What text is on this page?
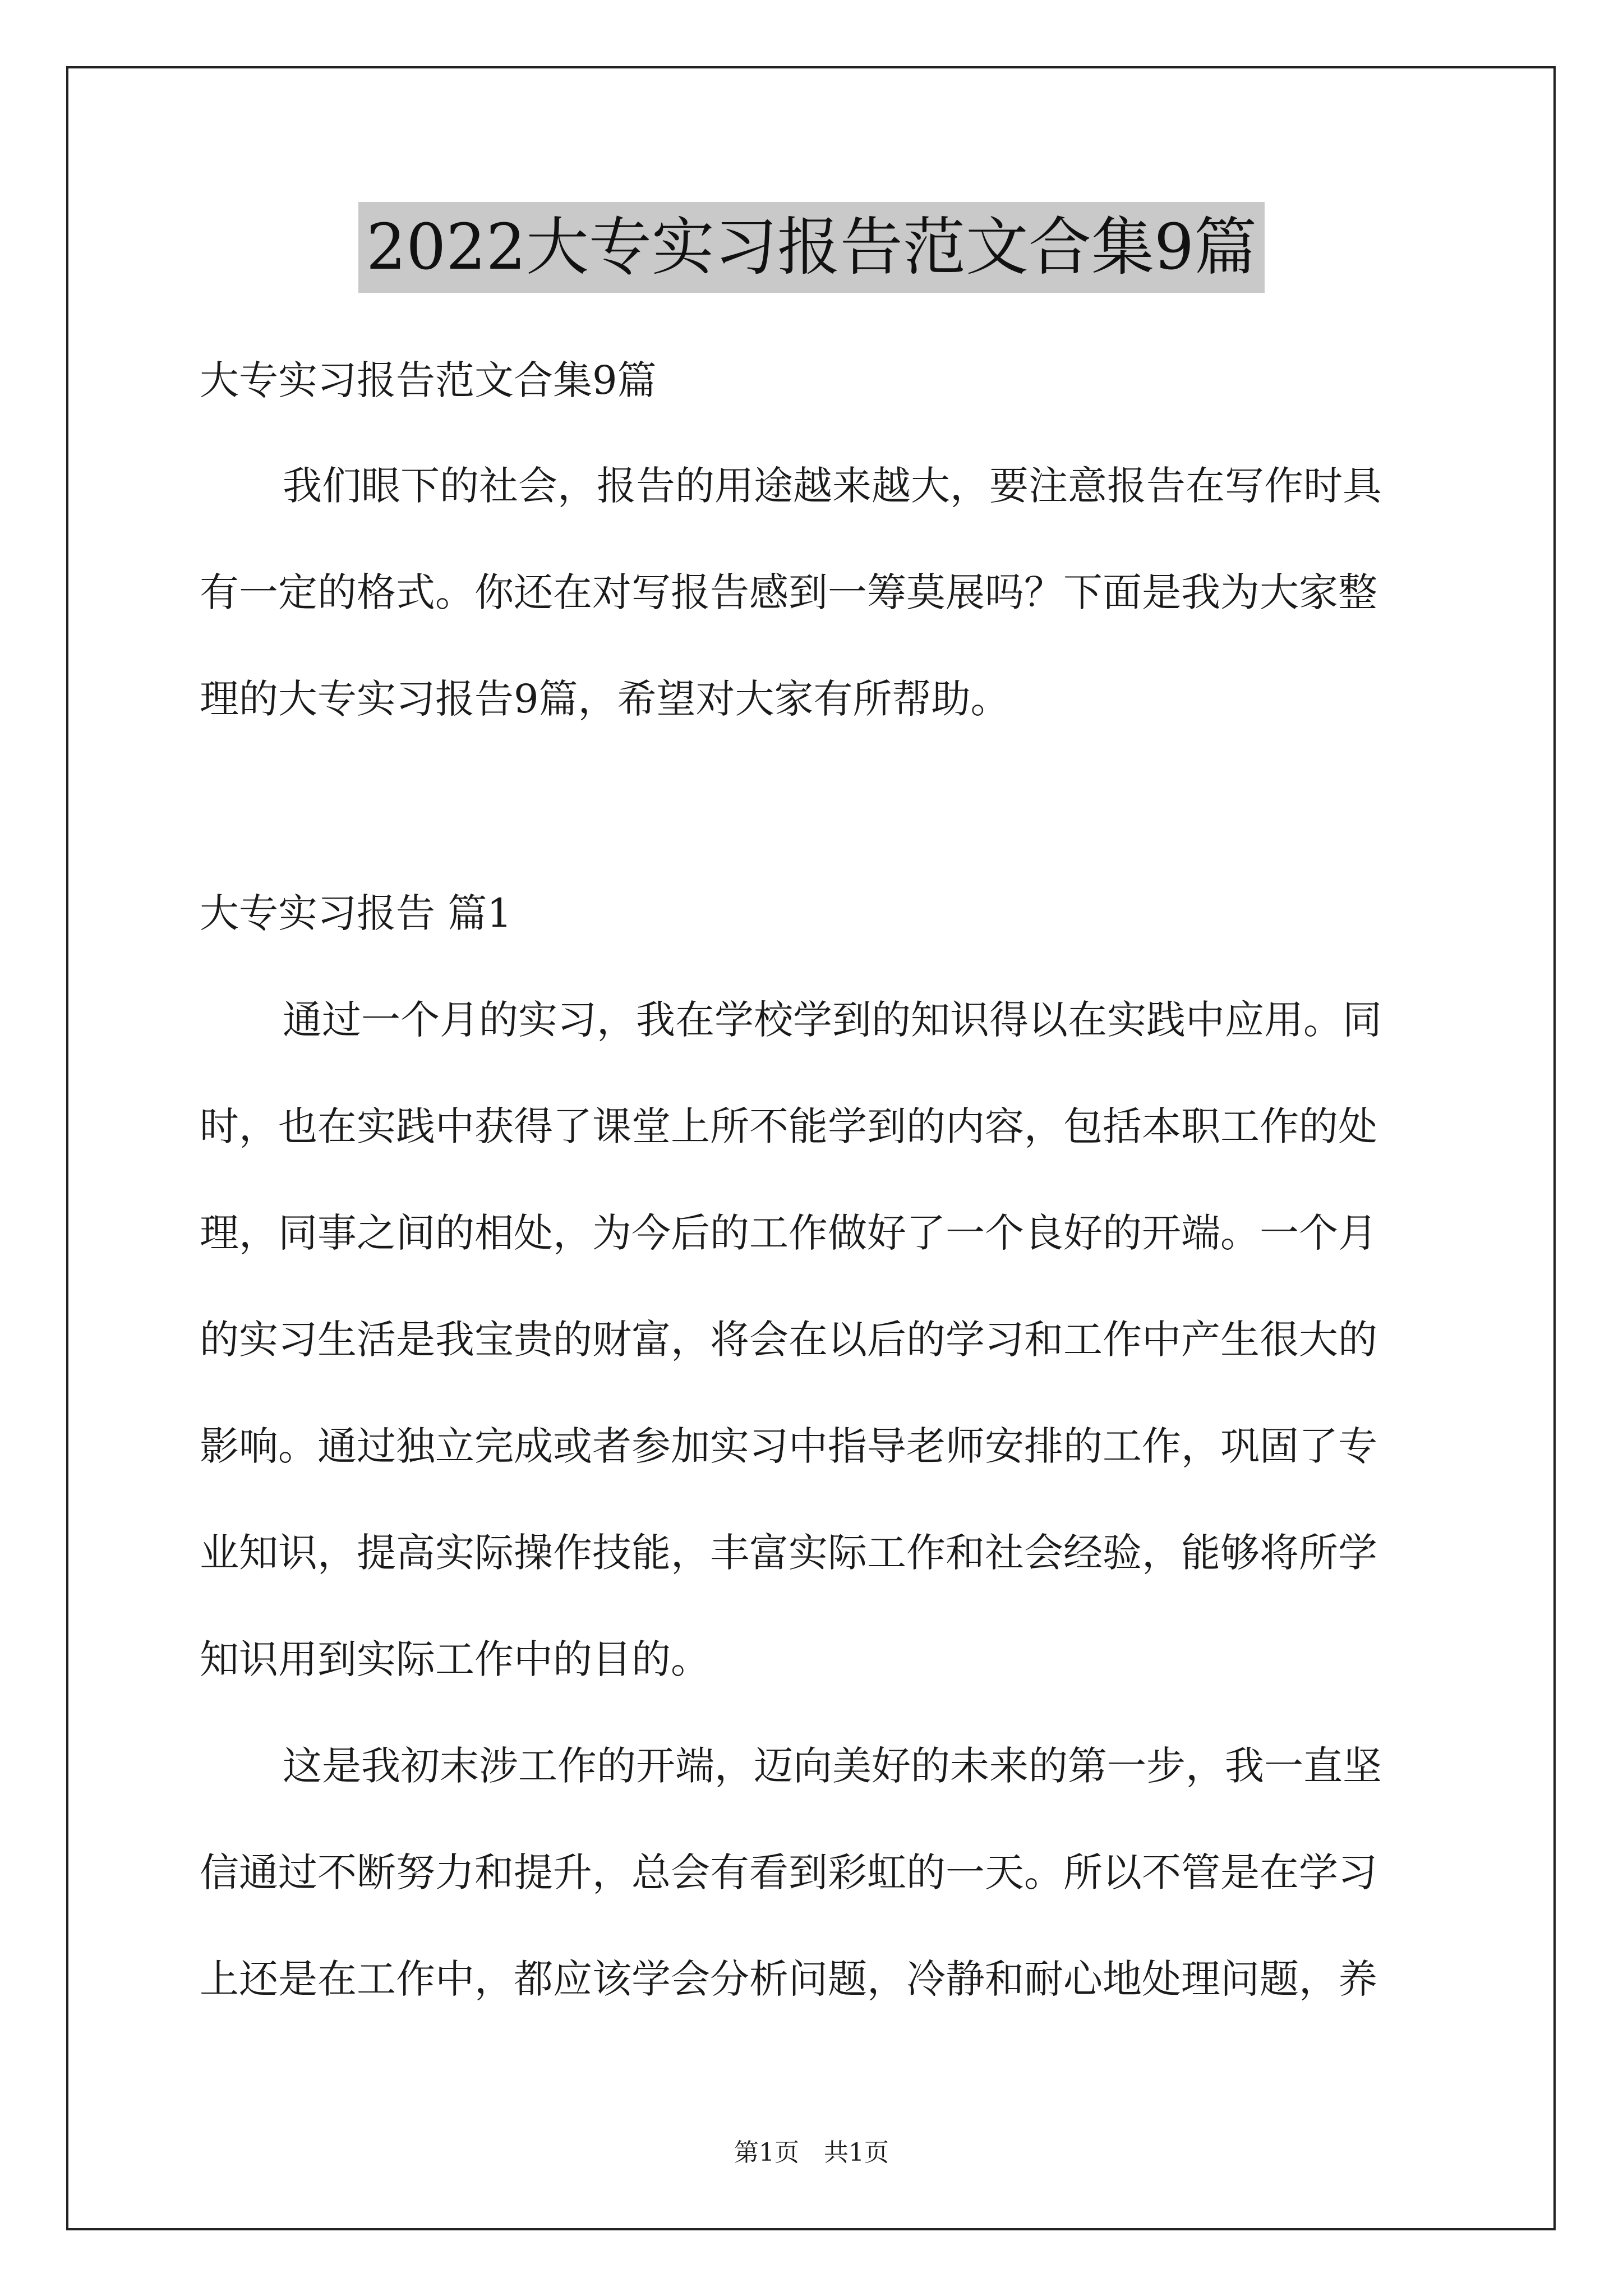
2022大专实习报告范文合集9篇
大专实习报告范文合集9篇
我们眼下的社会，报告的用途越来越大，要注意报告在写作时具
有一定的格式。你还在对写报告感到一筹莫展吗？下面是我为大家整
理的大专实习报告9篇，希望对大家有所帮助。
大专实习报告 篇1
通过一个月的实习，我在学校学到的知识得以在实践中应用。同
时，也在实践中获得了课堂上所不能学到的内容，包括本职工作的处
理，同事之间的相处，为今后的工作做好了一个良好的开端。一个月
的实习生活是我宝贵的财富，将会在以后的学习和工作中产生很大的
影响。通过独立完成或者参加实习中指导老师安排的工作，巩固了专
业知识，提高实际操作技能，丰富实际工作和社会经验，能够将所学
知识用到实际工作中的目的。
这是我初末涉工作的开端，迈向美好的未来的第一步，我一直坚
信通过不断努力和提升，总会有看到彩虹的一天。所以不管是在学习
上还是在工作中，都应该学会分析问题，冷静和耐心地处理问题，养
第1页　共1页
